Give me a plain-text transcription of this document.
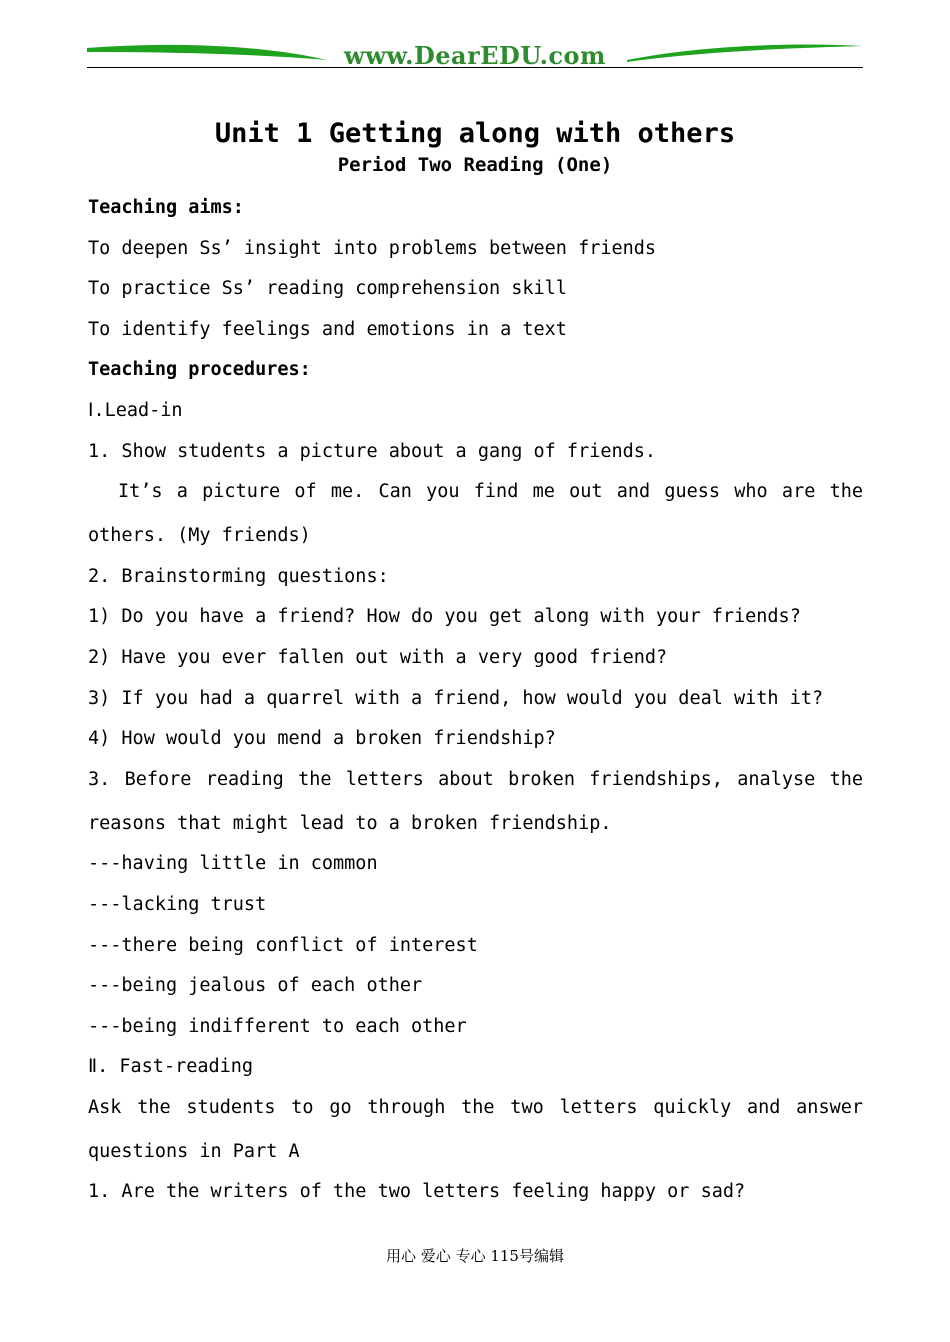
www.DearEDU.com
Unit 1 Getting along with others
Period Two Reading (One)
Teaching aims:
To deepen Ss’ insight into problems between friends
To practice Ss’ reading comprehension skill
To identify feelings and emotions in a text
Teaching procedures:
Ⅰ.Lead-in
1. Show students a picture about a gang of friends.
It’s a picture of me. Can you find me out and guess who are the
others. (My friends)
2. Brainstorming questions:
1) Do you have a friend? How do you get along with your friends?
2) Have you ever fallen out with a very good friend?
3) If you had a quarrel with a friend, how would you deal with it?
4) How would you mend a broken friendship?
3. Before reading the letters about broken friendships, analyse the
reasons that might lead to a broken friendship.
---having little in common
---lacking trust
---there being conflict of interest
---being jealous of each other
---being indifferent to each other
Ⅱ. Fast-reading
Ask the students to go through the two letters quickly and answer
questions in Part A
1. Are the writers of the two letters feeling happy or sad?
用心 爱心 专心 115号编辑
